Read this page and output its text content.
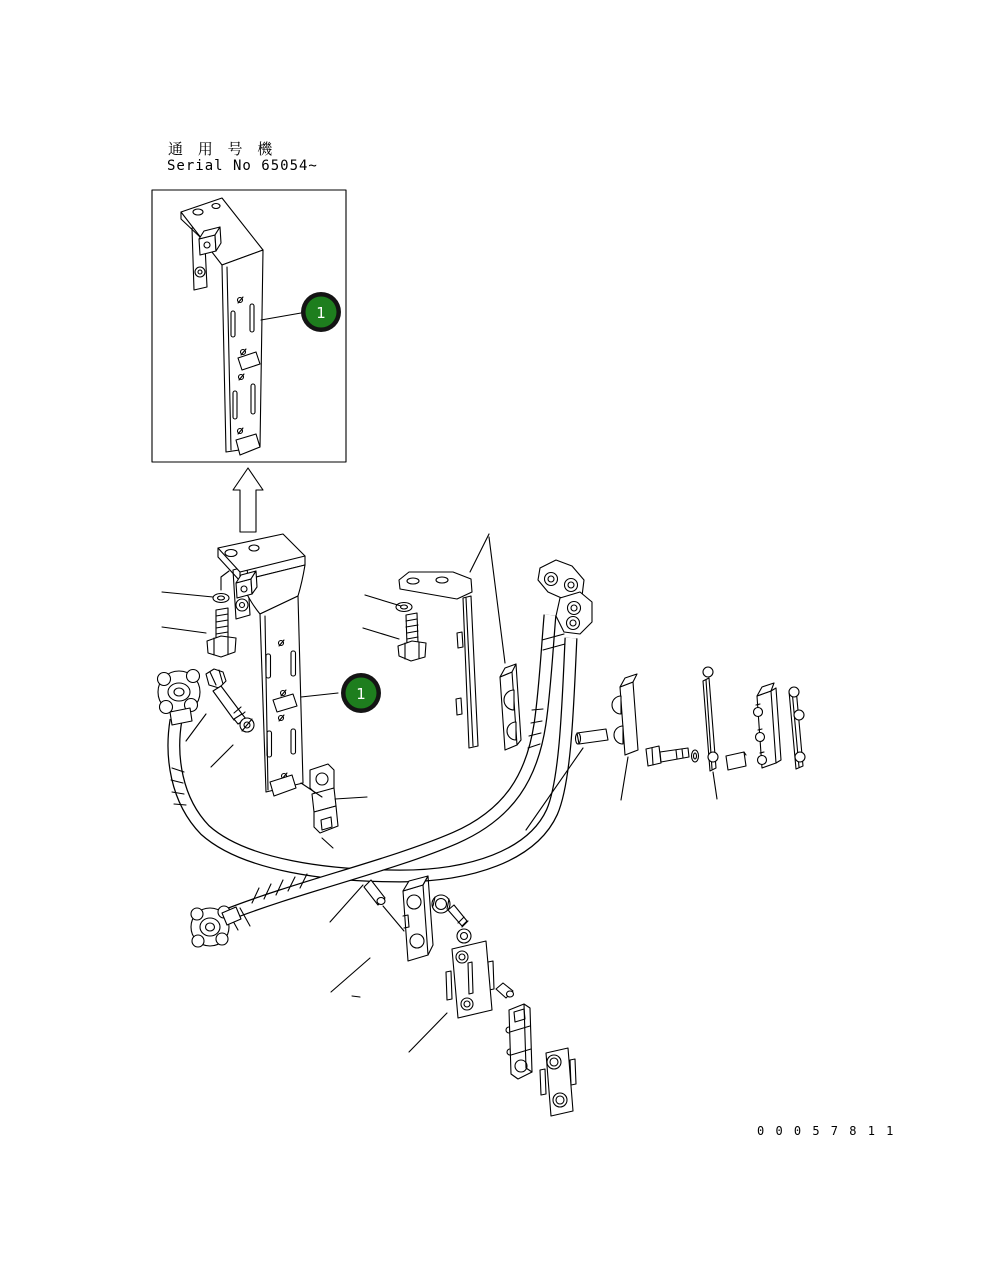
通 用 号 機
Serial No 65054~
1
1
0 0 0 5 7 8 1 1
